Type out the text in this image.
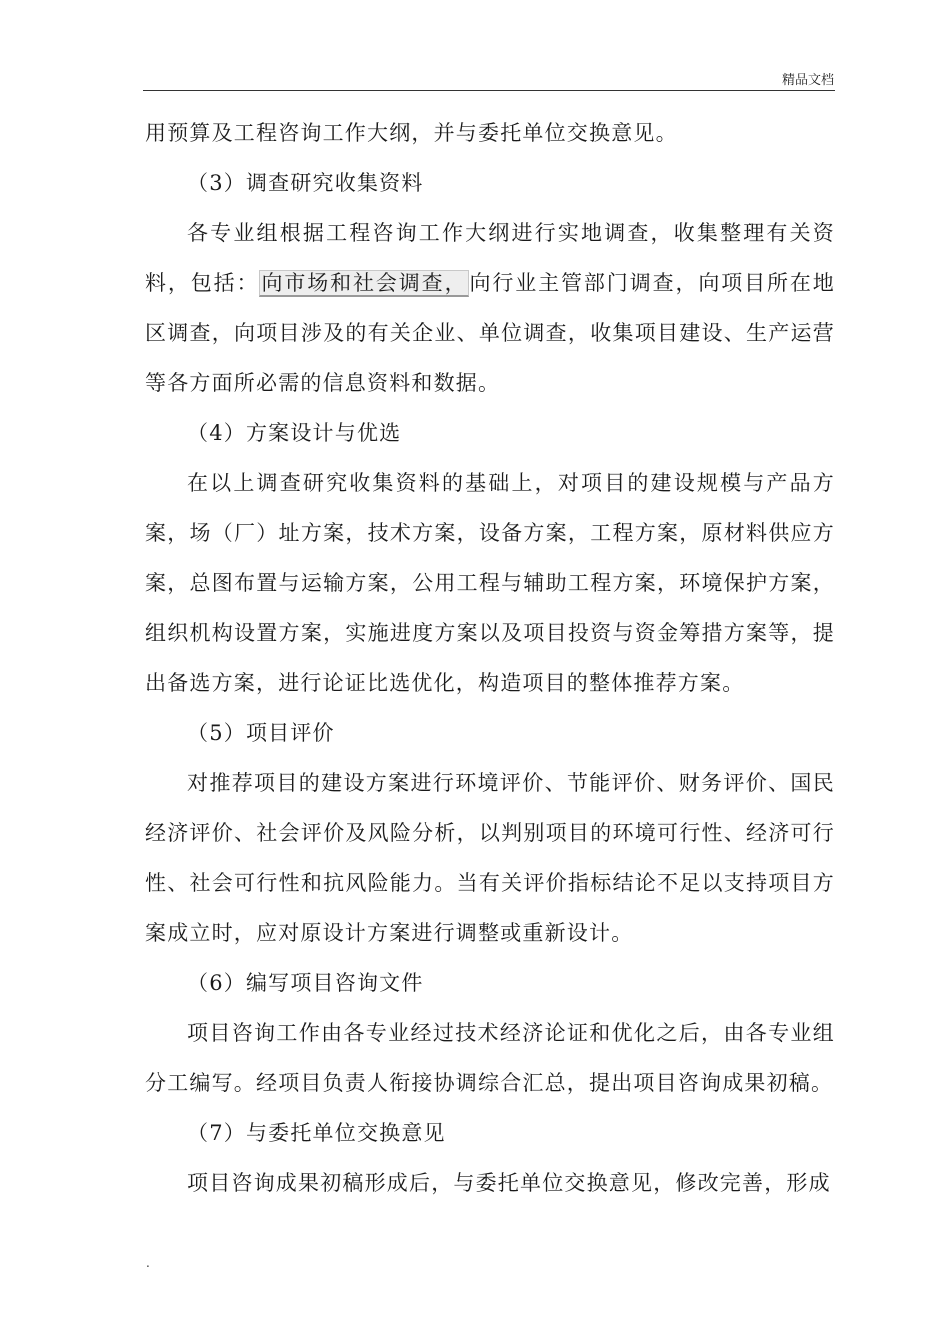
精品文档

用预算及工程咨询工作大纲，并与委托单位交换意见。

（3）调查研究收集资料

各专业组根据工程咨询工作大纲进行实地调查，收集整理有关资料，包括：向市场和社会调查，向行业主管部门调查，向项目所在地区调查，向项目涉及的有关企业、单位调查，收集项目建设、生产运营等各方面所必需的信息资料和数据。

（4）方案设计与优选

在以上调查研究收集资料的基础上，对项目的建设规模与产品方案，场（厂）址方案，技术方案，设备方案，工程方案，原材料供应方案，总图布置与运输方案，公用工程与辅助工程方案，环境保护方案，组织机构设置方案，实施进度方案以及项目投资与资金筹措方案等，提出备选方案，进行论证比选优化，构造项目的整体推荐方案。

（5）项目评价

对推荐项目的建设方案进行环境评价、节能评价、财务评价、国民经济评价、社会评价及风险分析，以判别项目的环境可行性、经济可行性、社会可行性和抗风险能力。当有关评价指标结论不足以支持项目方案成立时，应对原设计方案进行调整或重新设计。

（6）编写项目咨询文件

项目咨询工作由各专业经过技术经济论证和优化之后，由各专业组分工编写。经项目负责人衔接协调综合汇总，提出项目咨询成果初稿。

（7）与委托单位交换意见

项目咨询成果初稿形成后，与委托单位交换意见，修改完善，形成

.
